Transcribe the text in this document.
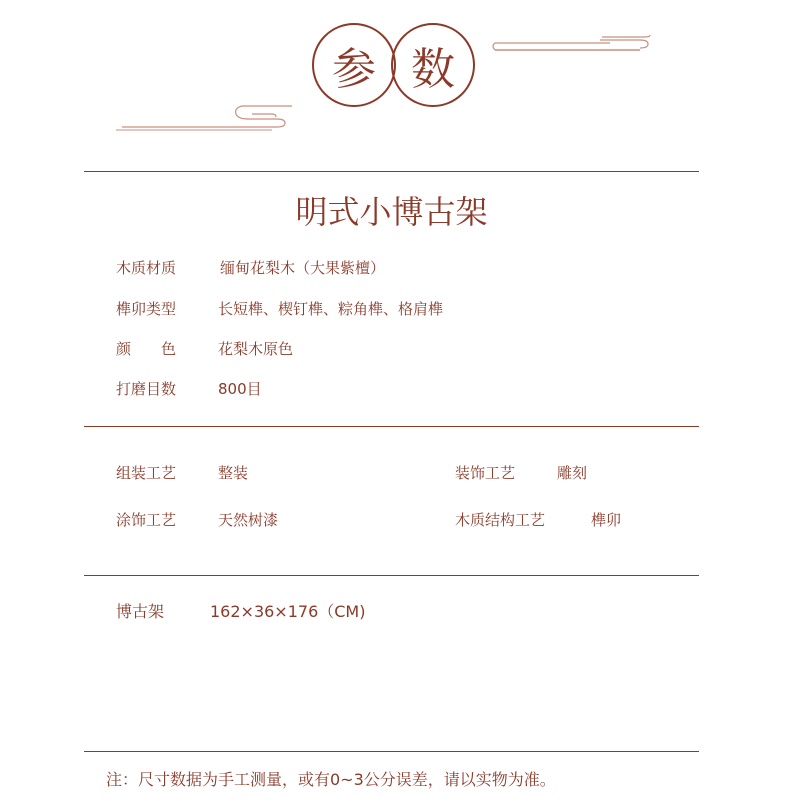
参 数
明式小博古架
木质材质	缅甸花梨木（大果紫檀）
榫卯类型	长短榫、楔钉榫、粽角榫、格肩榫
颜　　色	花梨木原色
打磨目数	800目
组装工艺	整装	装饰工艺	雕刻
涂饰工艺	天然树漆	木质结构工艺	榫卯
博古架	162×36×176（CM)
注：尺寸数据为手工测量，或有0~3公分误差，请以实物为准。
